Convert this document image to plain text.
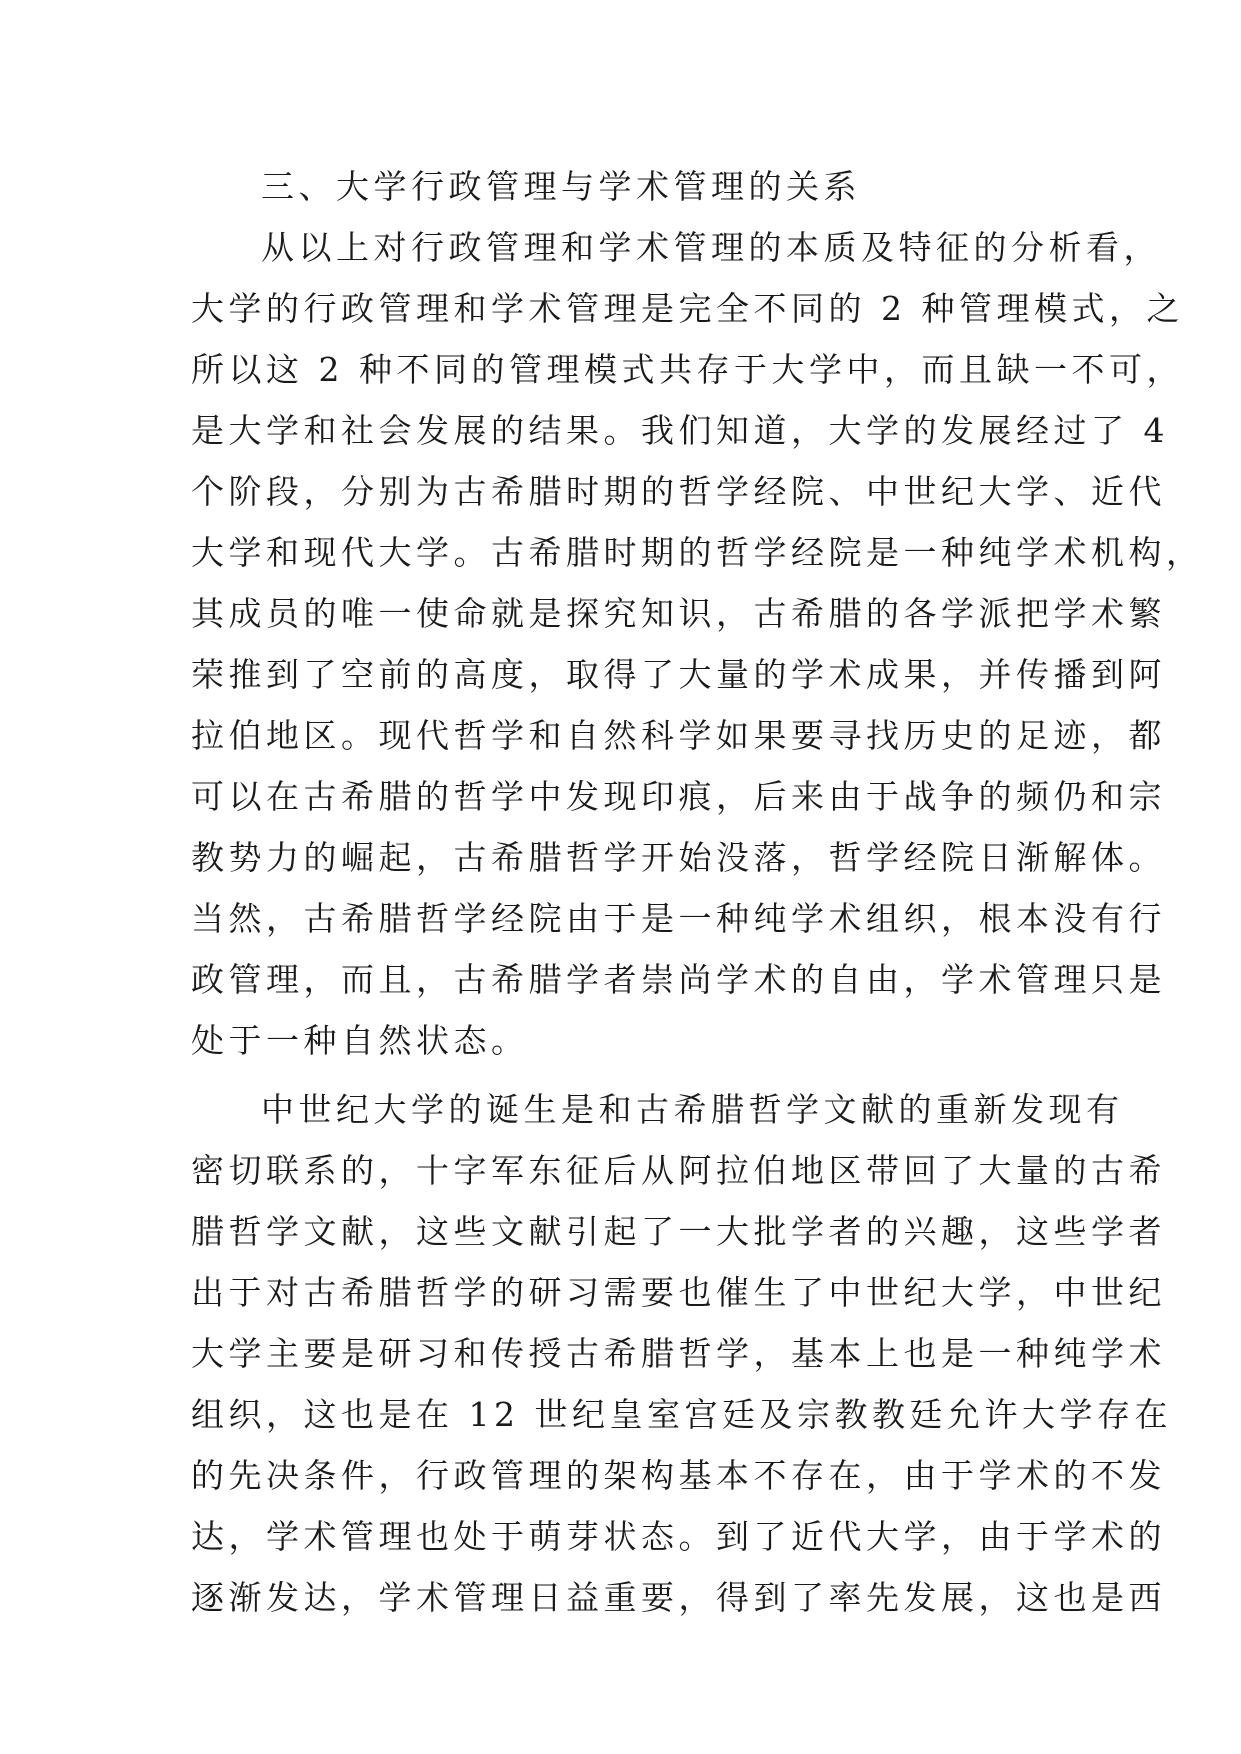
三、大学行政管理与学术管理的关系
从以上对行政管理和学术管理的本质及特征的分析看，
大学的行政管理和学术管理是完全不同的 2 种管理模式，之
所以这 2 种不同的管理模式共存于大学中，而且缺一不可，
是大学和社会发展的结果。我们知道，大学的发展经过了 4
个阶段，分别为古希腊时期的哲学经院、中世纪大学、近代
大学和现代大学。古希腊时期的哲学经院是一种纯学术机构，
其成员的唯一使命就是探究知识，古希腊的各学派把学术繁
荣推到了空前的高度，取得了大量的学术成果，并传播到阿
拉伯地区。现代哲学和自然科学如果要寻找历史的足迹，都
可以在古希腊的哲学中发现印痕，后来由于战争的频仍和宗
教势力的崛起，古希腊哲学开始没落，哲学经院日渐解体。
当然，古希腊哲学经院由于是一种纯学术组织，根本没有行
政管理，而且，古希腊学者崇尚学术的自由，学术管理只是
处于一种自然状态。
中世纪大学的诞生是和古希腊哲学文献的重新发现有
密切联系的，十字军东征后从阿拉伯地区带回了大量的古希
腊哲学文献，这些文献引起了一大批学者的兴趣，这些学者
出于对古希腊哲学的研习需要也催生了中世纪大学，中世纪
大学主要是研习和传授古希腊哲学，基本上也是一种纯学术
组织，这也是在 12 世纪皇室宫廷及宗教教廷允许大学存在
的先决条件，行政管理的架构基本不存在，由于学术的不发
达，学术管理也处于萌芽状态。到了近代大学，由于学术的
逐渐发达，学术管理日益重要，得到了率先发展，这也是西
